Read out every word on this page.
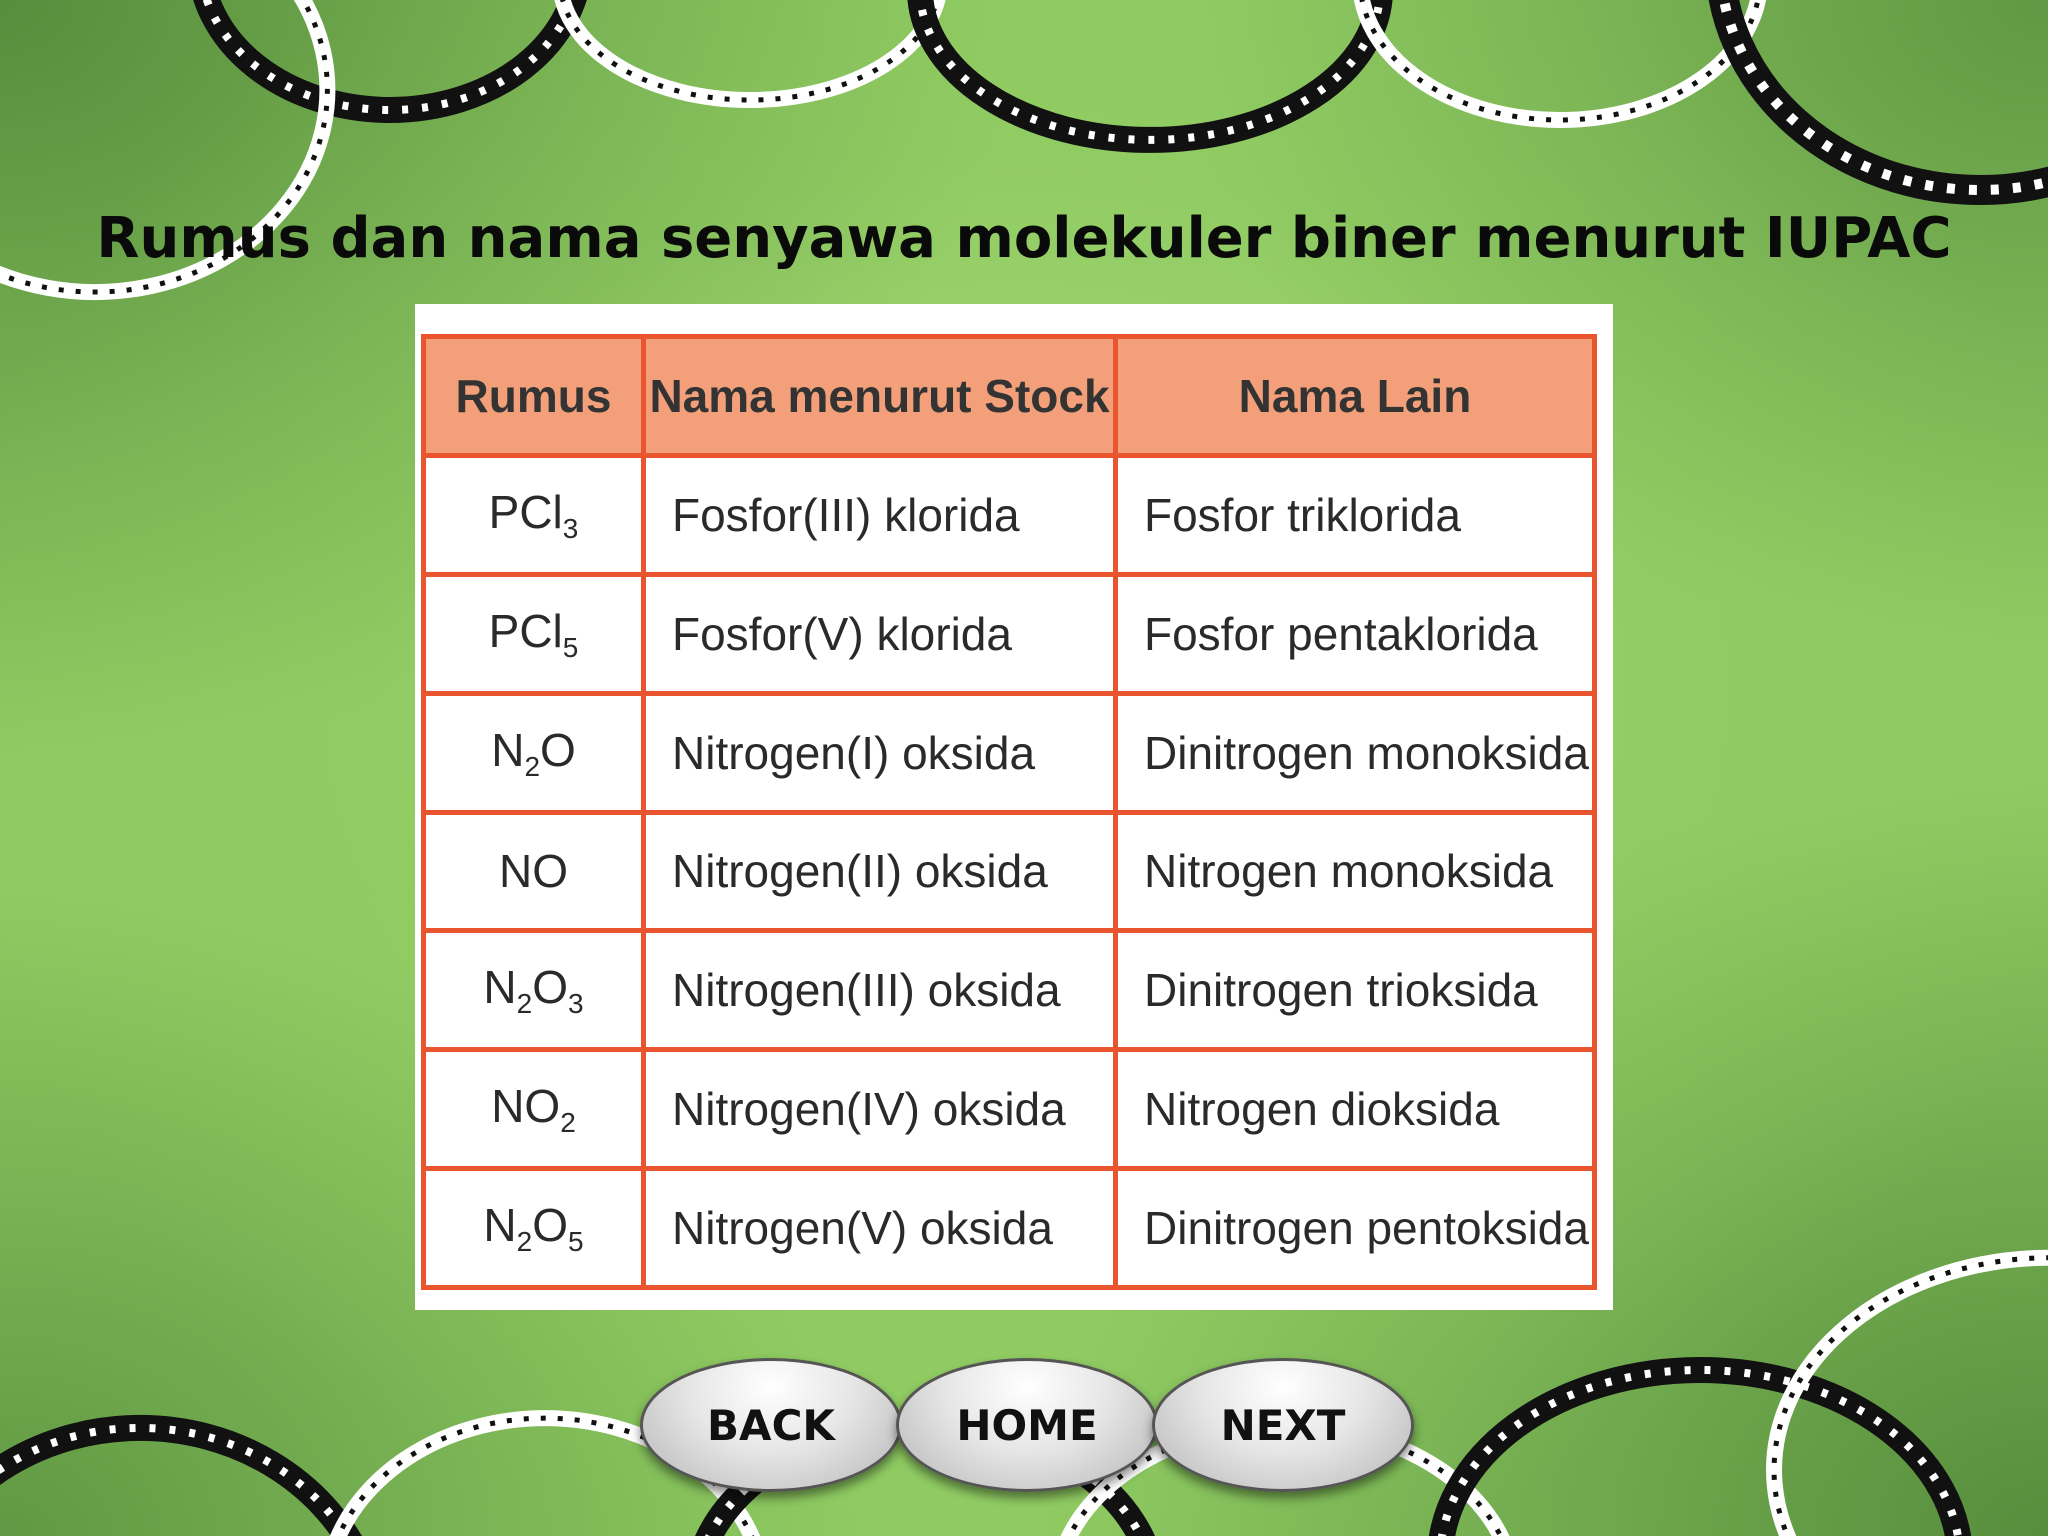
Rumus dan nama senyawa molekuler biner menurut IUPAC
Rumus	Nama menurut Stock	Nama Lain
PCl$_3$	Fosfor(III) klorida	Fosfor triklorida
PCl$_5$	Fosfor(V) klorida	Fosfor pentaklorida
$N_2O$	Nitrogen(I) oksida	Dinitrogen monoksida
NO	Nitrogen(II) oksida	Nitrogen monoksida
$N_2O_3$	Nitrogen(III) oksida	Dinitrogen trioksida
$NO_2$	Nitrogen(IV) oksida	Nitrogen dioksida
$N_2O_5$	Nitrogen(V) oksida	Dinitrogen pentoksida
BACK	HOME	NEXT
